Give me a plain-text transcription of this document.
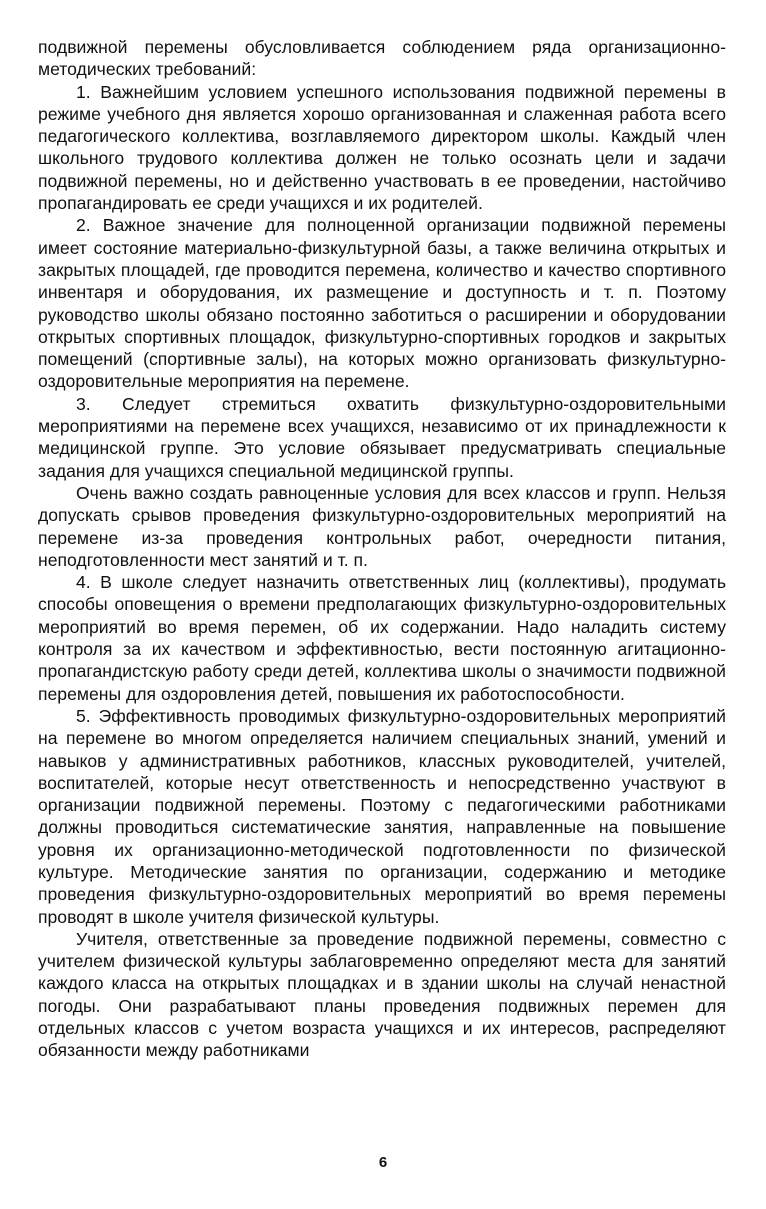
подвижной перемены обусловливается соблюдением ряда организационно-методических требований:

1. Важнейшим условием успешного использования подвижной перемены в режиме учебного дня является хорошо организованная и слаженная работа всего педагогического коллектива, возглавляемого директором школы. Каждый член школьного трудового коллектива должен не только осознать цели и задачи подвижной перемены, но и действенно участвовать в ее проведении, настойчиво пропагандировать ее среди учащихся и их родителей.

2. Важное значение для полноценной организации подвижной перемены имеет состояние материально-физкультурной базы, а также величина открытых и закрытых площадей, где проводится перемена, количество и качество спортивного инвентаря и оборудования, их размещение и доступность и т. п. Поэтому руководство школы обязано постоянно заботиться о расширении и оборудовании открытых спортивных площадок, физкультурно-спортивных городков и закрытых помещений (спортивные залы), на которых можно организовать физкультурно-оздоровительные мероприятия на перемене.

3. Следует стремиться охватить физкультурно-оздоровительными мероприятиями на перемене всех учащихся, независимо от их принадлежности к медицинской группе. Это условие обязывает предусматривать специальные задания для учащихся специальной медицинской группы.

Очень важно создать равноценные условия для всех классов и групп. Нельзя допускать срывов проведения физкультурно-оздоровительных мероприятий на перемене из-за проведения контрольных работ, очередности питания, неподготовленности мест занятий и т. п.

4. В школе следует назначить ответственных лиц (коллективы), продумать способы оповещения о времени предполагающих физкультурно-оздоровительных мероприятий во время перемен, об их содержании. Надо наладить систему контроля за их качеством и эффективностью, вести постоянную агитационно-пропагандистскую работу среди детей, коллектива школы о значимости подвижной перемены для оздоровления детей, повышения их работоспособности.

5. Эффективность проводимых физкультурно-оздоровительных мероприятий на перемене во многом определяется наличием специальных знаний, умений и навыков у административных работников, классных руководителей, учителей, воспитателей, которые несут ответственность и непосредственно участвуют в организации подвижной перемены. Поэтому с педагогическими работниками должны проводиться систематические занятия, направленные на повышение уровня их организационно-методической подготовленности по физической культуре. Методические занятия по организации, содержанию и методике проведения физкультурно-оздоровительных мероприятий во время перемены проводят в школе учителя физической культуры.

Учителя, ответственные за проведение подвижной перемены, совместно с учителем физической культуры заблаговременно определяют места для занятий каждого класса на открытых площадках и в здании школы на случай ненастной погоды. Они разрабатывают планы проведения подвижных перемен для отдельных классов с учетом возраста учащихся и их интересов, распределяют обязанности между работниками

6
